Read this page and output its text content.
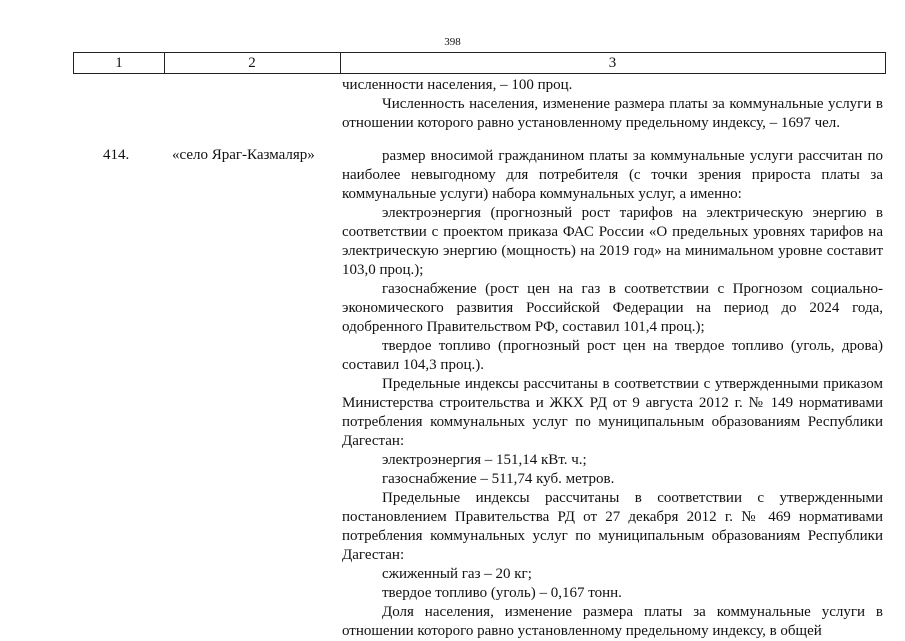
398
1	2	3

численности населения, – 100 проц.

Численность населения, изменение размера платы за коммунальные услуги в отношении которого равно установленному предельному индексу, – 1697 чел.

414.	«село Яраг-Казмаляр»	размер вносимой гражданином платы за коммунальные услуги рассчитан по наиболее невыгодному для потребителя (с точки зрения прироста платы за коммунальные услуги) набора коммунальных услуг, а именно:

электроэнергия (прогнозный рост тарифов на электрическую энергию в соответствии с проектом приказа ФАС России «О предельных уровнях тарифов на электрическую энергию (мощность) на 2019 год» на минимальном уровне составит 103,0 проц.);

газоснабжение (рост цен на газ в соответствии с Прогнозом социально-экономического развития Российской Федерации на период до 2024 года, одобренного Правительством РФ, составил 101,4 проц.);

твердое топливо (прогнозный рост цен на твердое топливо (уголь, дрова) составил 104,3 проц.).

Предельные индексы рассчитаны в соответствии с утвержденными приказом Министерства строительства и ЖКХ РД от 9 августа 2012 г. № 149 нормативами потребления коммунальных услуг по муниципальным образованиям Республики Дагестан:

электроэнергия – 151,14 кВт. ч.;

газоснабжение – 511,74 куб. метров.

Предельные индексы рассчитаны в соответствии с утвержденными постановлением Правительства РД от 27 декабря 2012 г. № 469 нормативами потребления коммунальных услуг по муниципальным образованиям Республики Дагестан:

сжиженный газ – 20 кг;

твердое топливо (уголь) – 0,167 тонн.

Доля населения, изменение размера платы за коммунальные услуги в отношении которого равно установленному предельному индексу, в общей
